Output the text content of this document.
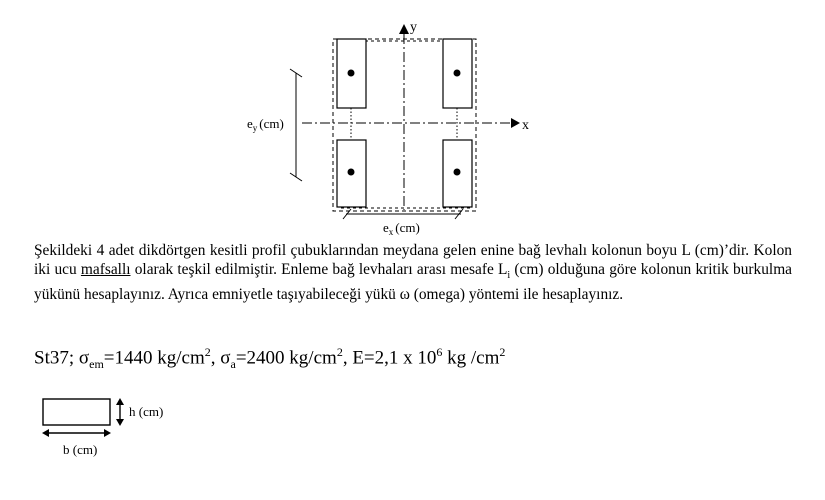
x
y
$e_y$ (cm)
$e_x$ (cm)

Şekildeki 4 adet dikdörtgen kesitli profil çubuklarından meydana gelen enine bağ levhalı kolonun boyu L (cm)’dir. Kolon iki ucu mafsallı olarak teşkil edilmiştir. Enleme bağ levhaları arası mesafe $L_i$ (cm) olduğuna göre kolonun kritik burkulma yükünü hesaplayınız. Ayrıca emniyetle taşıyabileceği yükü ω (omega) yöntemi ile hesaplayınız.

St37; $\sigma_{em}=1440$ $kg/cm^2$, $\sigma_a=2400$ $kg/cm^2$, E=2,1 x $10^6$ kg $/cm^2$
h (cm)
b (cm)
